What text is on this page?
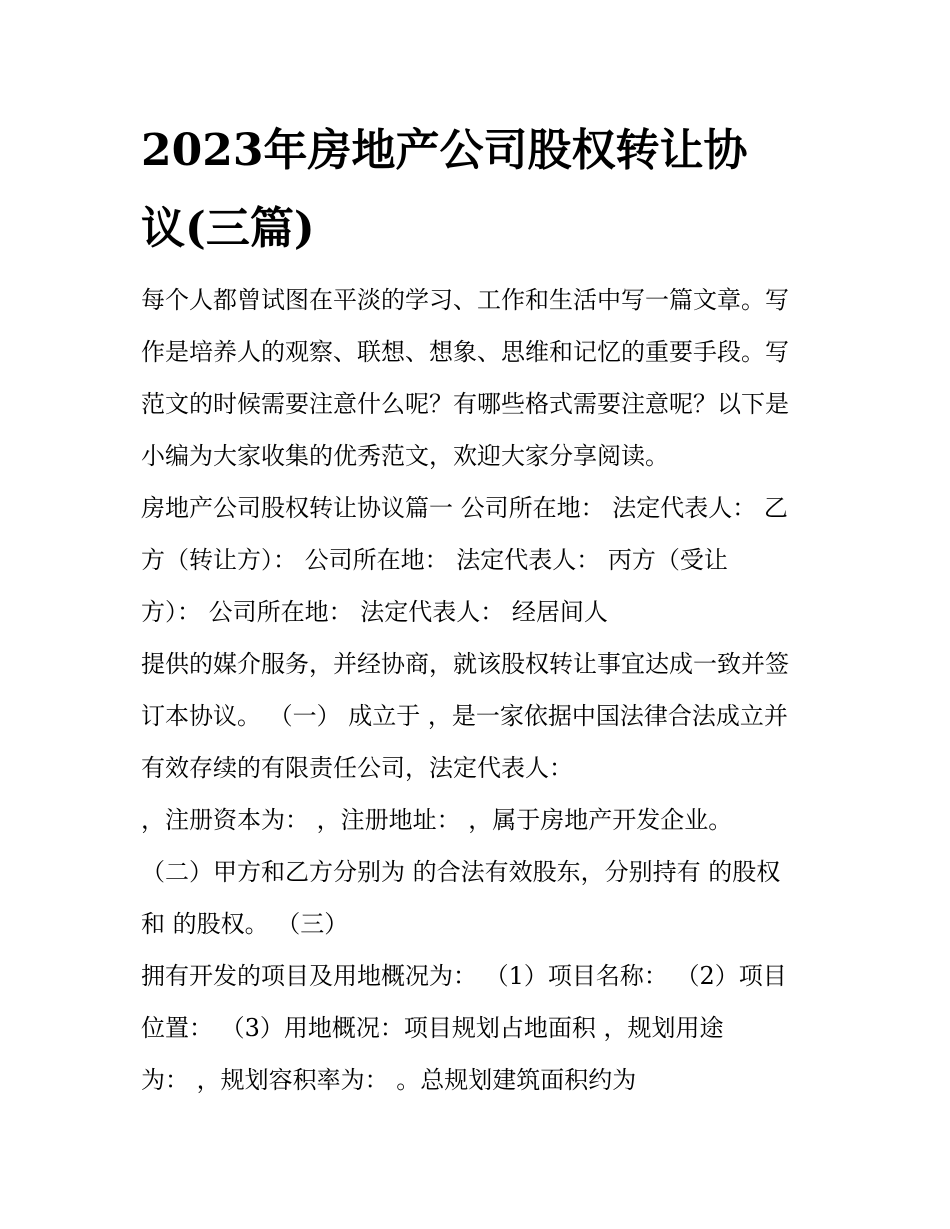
2023年房地产公司股权转让协
议(三篇)
每个人都曾试图在平淡的学习、工作和生活中写一篇文章。写
作是培养人的观察、联想、想象、思维和记忆的重要手段。写
范文的时候需要注意什么呢？有哪些格式需要注意呢？以下是
小编为大家收集的优秀范文，欢迎大家分享阅读。
房地产公司股权转让协议篇一 公司所在地： 法定代表人： 乙
方（转让方）： 公司所在地： 法定代表人： 丙方（受让
方）： 公司所在地： 法定代表人： 经居间人
提供的媒介服务，并经协商，就该股权转让事宜达成一致并签
订本协议。 （一） 成立于 ，是一家依据中国法律合法成立并
有效存续的有限责任公司，法定代表人：
，注册资本为： ，注册地址： ，属于房地产开发企业。
（二）甲方和乙方分别为 的合法有效股东，分别持有 的股权
和 的股权。 （三）
拥有开发的项目及用地概况为： （1）项目名称： （2）项目
位置： （3）用地概况：项目规划占地面积 ，规划用途
为： ，规划容积率为： 。总规划建筑面积约为
